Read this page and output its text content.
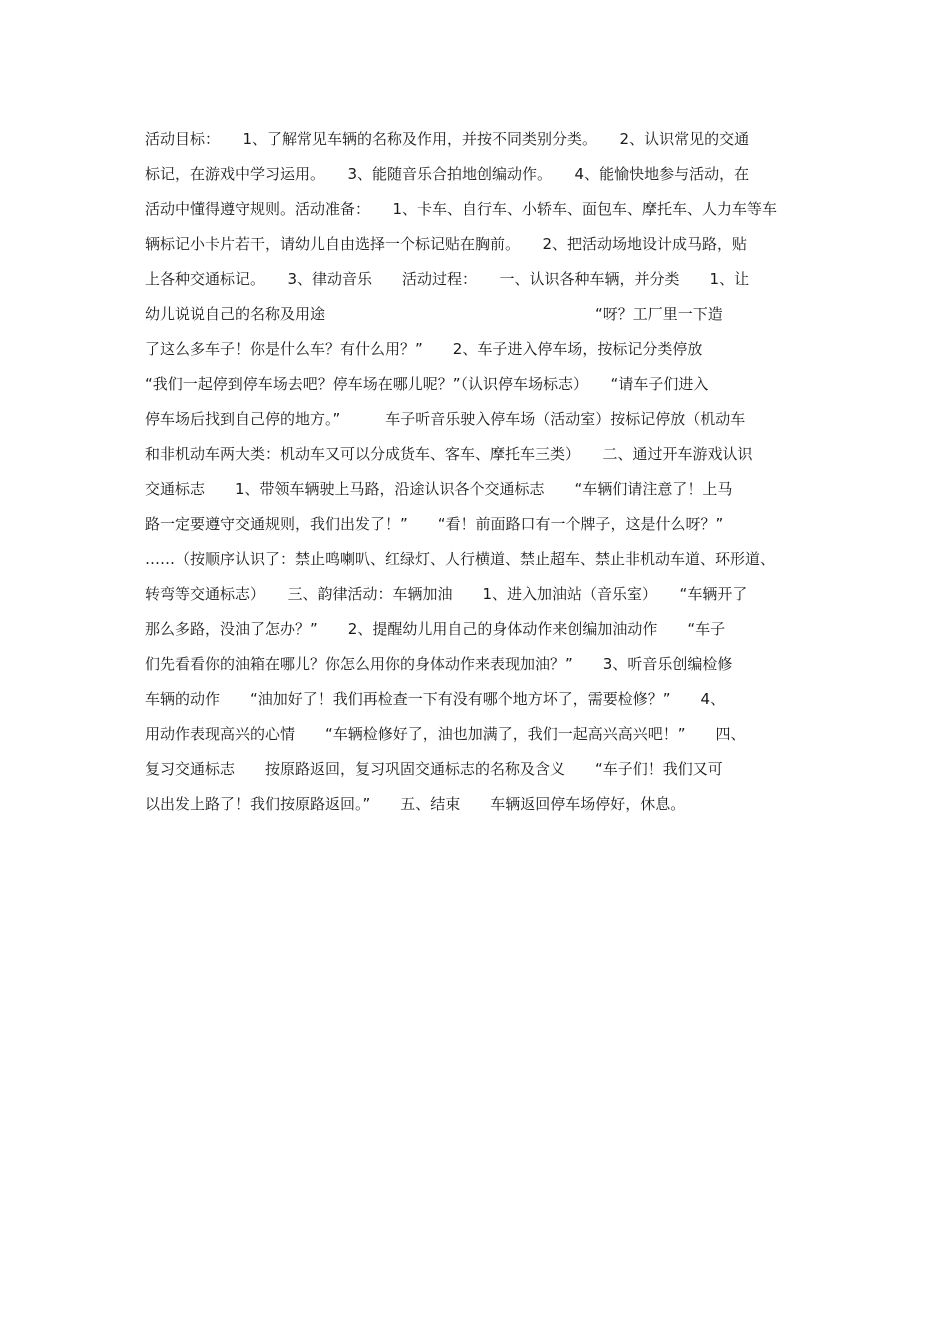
活动目标：　　1、了解常见车辆的名称及作用，并按不同类别分类。　　2、认识常见的交通
标记，在游戏中学习运用。　　3、能随音乐合拍地创编动作。　　4、能愉快地参与活动，在
活动中懂得遵守规则。活动准备：　　1、卡车、自行车、小轿车、面包车、摩托车、人力车等车
辆标记小卡片若干，请幼儿自由选择一个标记贴在胸前。　　2、把活动场地设计成马路，贴
上各种交通标记。　　3、律动音乐　　活动过程：　　一、认识各种车辆，并分类　　1、让
幼儿说说自己的名称及用途　　　　　　　　　　　　　　　　　　“呀？工厂里一下造
了这么多车子！你是什么车？有什么用？”　　2、车子进入停车场，按标记分类停放
“我们一起停到停车场去吧？停车场在哪儿呢？”（认识停车场标志）　　“请车子们进入
停车场后找到自己停的地方。”　　　车子听音乐驶入停车场（活动室）按标记停放（机动车
和非机动车两大类：机动车又可以分成货车、客车、摩托车三类）　　二、通过开车游戏认识
交通标志　　1、带领车辆驶上马路，沿途认识各个交通标志　　“车辆们请注意了！上马
路一定要遵守交通规则，我们出发了！”　　“看！前面路口有一个牌子，这是什么呀？”
……（按顺序认识了：禁止鸣喇叭、红绿灯、人行横道、禁止超车、禁止非机动车道、环形道、
转弯等交通标志）　　三、韵律活动：车辆加油　　1、进入加油站（音乐室）　　“车辆开了
那么多路，没油了怎办？”　　2、提醒幼儿用自己的身体动作来创编加油动作　　“车子
们先看看你的油箱在哪儿？你怎么用你的身体动作来表现加油？”　　3、听音乐创编检修
车辆的动作　　“油加好了！我们再检查一下有没有哪个地方坏了，需要检修？”　　4、
用动作表现高兴的心情　　“车辆检修好了，油也加满了，我们一起高兴高兴吧！”　　四、
复习交通标志　　按原路返回，复习巩固交通标志的名称及含义　　“车子们！我们又可
以出发上路了！我们按原路返回。”　　五、结束　　车辆返回停车场停好，休息。
